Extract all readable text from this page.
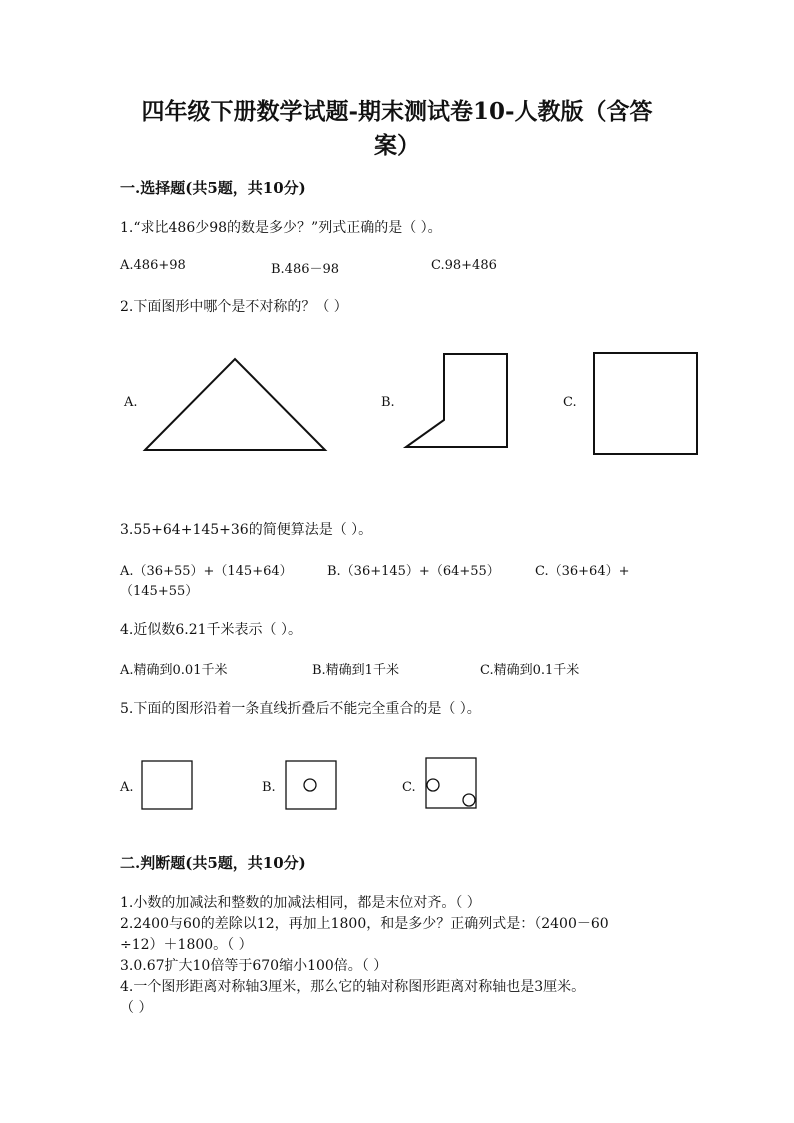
四年级下册数学试题-期末测试卷10-人教版（含答
案）
一.选择题(共5题，共10分)
1.“求比486少98的数是多少？”列式正确的是（ ）。
A.486+98	B.486－98	C.98+486
2.下面图形中哪个是不对称的？（ ）
A.	B.	C.
3.55+64+145+36的简便算法是（ ）。
A.（36+55）+（145+64）	B.（36+145）+（64+55）	C.（36+64）+
（145+55）
4.近似数6.21千米表示（ ）。
A.精确到0.01千米	B.精确到1千米	C.精确到0.1千米
5.下面的图形沿着一条直线折叠后不能完全重合的是（ ）。
A.	B.	C.
二.判断题(共5题，共10分)
1.小数的加减法和整数的加减法相同，都是末位对齐。（ ）
2.2400与60的差除以12，再加上1800，和是多少？正确列式是：（2400－60
÷12）＋1800。（ ）
3.0.67扩大10倍等于670缩小100倍。（ ）
4.一个图形距离对称轴3厘米，那么它的轴对称图形距离对称轴也是3厘米。
（ ）
